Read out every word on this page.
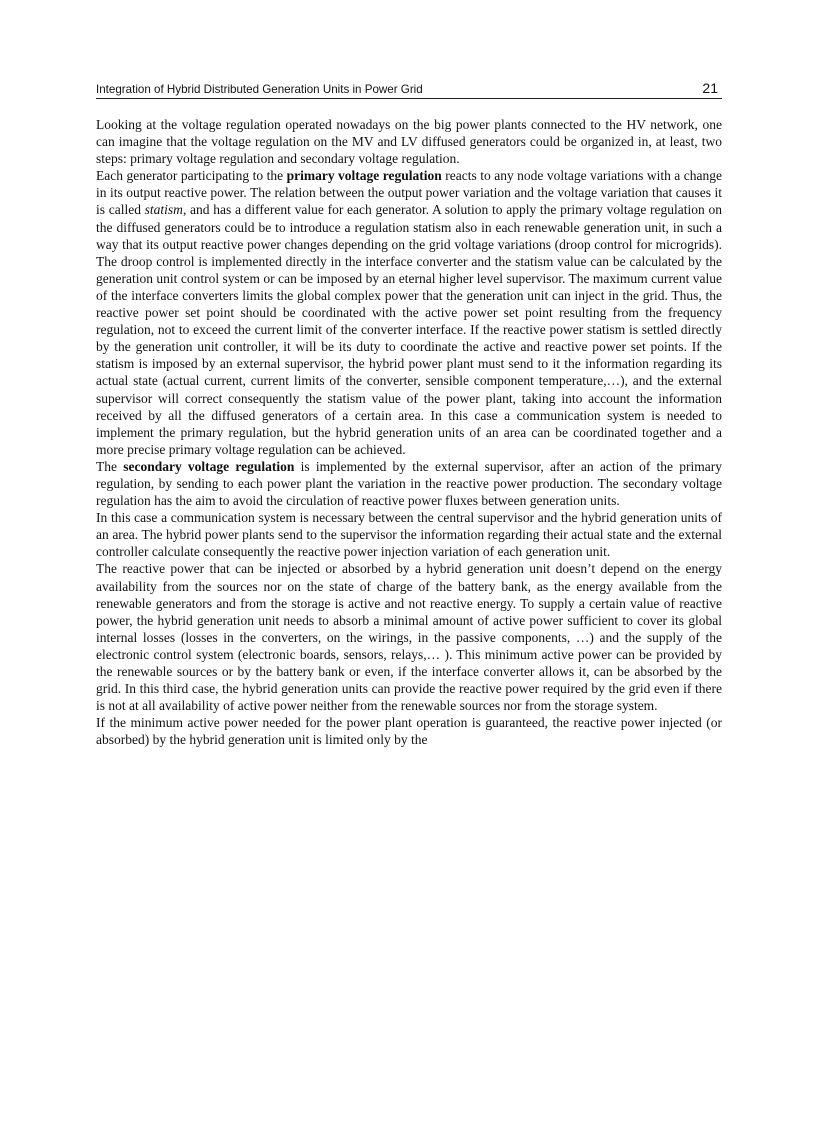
Integration of Hybrid Distributed Generation Units in Power Grid	21

Looking at the voltage regulation operated nowadays on the big power plants connected to the HV network, one can imagine that the voltage regulation on the MV and LV diffused generators could be organized in, at least, two steps: primary voltage regulation and secondary voltage regulation.

Each generator participating to the primary voltage regulation reacts to any node voltage variations with a change in its output reactive power. The relation between the output power variation and the voltage variation that causes it is called statism, and has a different value for each generator. A solution to apply the primary voltage regulation on the diffused generators could be to introduce a regulation statism also in each renewable generation unit, in such a way that its output reactive power changes depending on the grid voltage variations (droop control for microgrids). The droop control is implemented directly in the interface converter and the statism value can be calculated by the generation unit control system or can be imposed by an eternal higher level supervisor. The maximum current value of the interface converters limits the global complex power that the generation unit can inject in the grid. Thus, the reactive power set point should be coordinated with the active power set point resulting from the frequency regulation, not to exceed the current limit of the converter interface. If the reactive power statism is settled directly by the generation unit controller, it will be its duty to coordinate the active and reactive power set points. If the statism is imposed by an external supervisor, the hybrid power plant must send to it the information regarding its actual state (actual current, current limits of the converter, sensible component temperature,…), and the external supervisor will correct consequently the statism value of the power plant, taking into account the information received by all the diffused generators of a certain area. In this case a communication system is needed to implement the primary regulation, but the hybrid generation units of an area can be coordinated together and a more precise primary voltage regulation can be achieved.

The secondary voltage regulation is implemented by the external supervisor, after an action of the primary regulation, by sending to each power plant the variation in the reactive power production. The secondary voltage regulation has the aim to avoid the circulation of reactive power fluxes between generation units.

In this case a communication system is necessary between the central supervisor and the hybrid generation units of an area. The hybrid power plants send to the supervisor the information regarding their actual state and the external controller calculate consequently the reactive power injection variation of each generation unit.

The reactive power that can be injected or absorbed by a hybrid generation unit doesn’t depend on the energy availability from the sources nor on the state of charge of the battery bank, as the energy available from the renewable generators and from the storage is active and not reactive energy. To supply a certain value of reactive power, the hybrid generation unit needs to absorb a minimal amount of active power sufficient to cover its global internal losses (losses in the converters, on the wirings, in the passive components, …) and the supply of the electronic control system (electronic boards, sensors, relays,… ). This minimum active power can be provided by the renewable sources or by the battery bank or even, if the interface converter allows it, can be absorbed by the grid. In this third case, the hybrid generation units can provide the reactive power required by the grid even if there is not at all availability of active power neither from the renewable sources nor from the storage system.

If the minimum active power needed for the power plant operation is guaranteed, the reactive power injected (or absorbed) by the hybrid generation unit is limited only by the
